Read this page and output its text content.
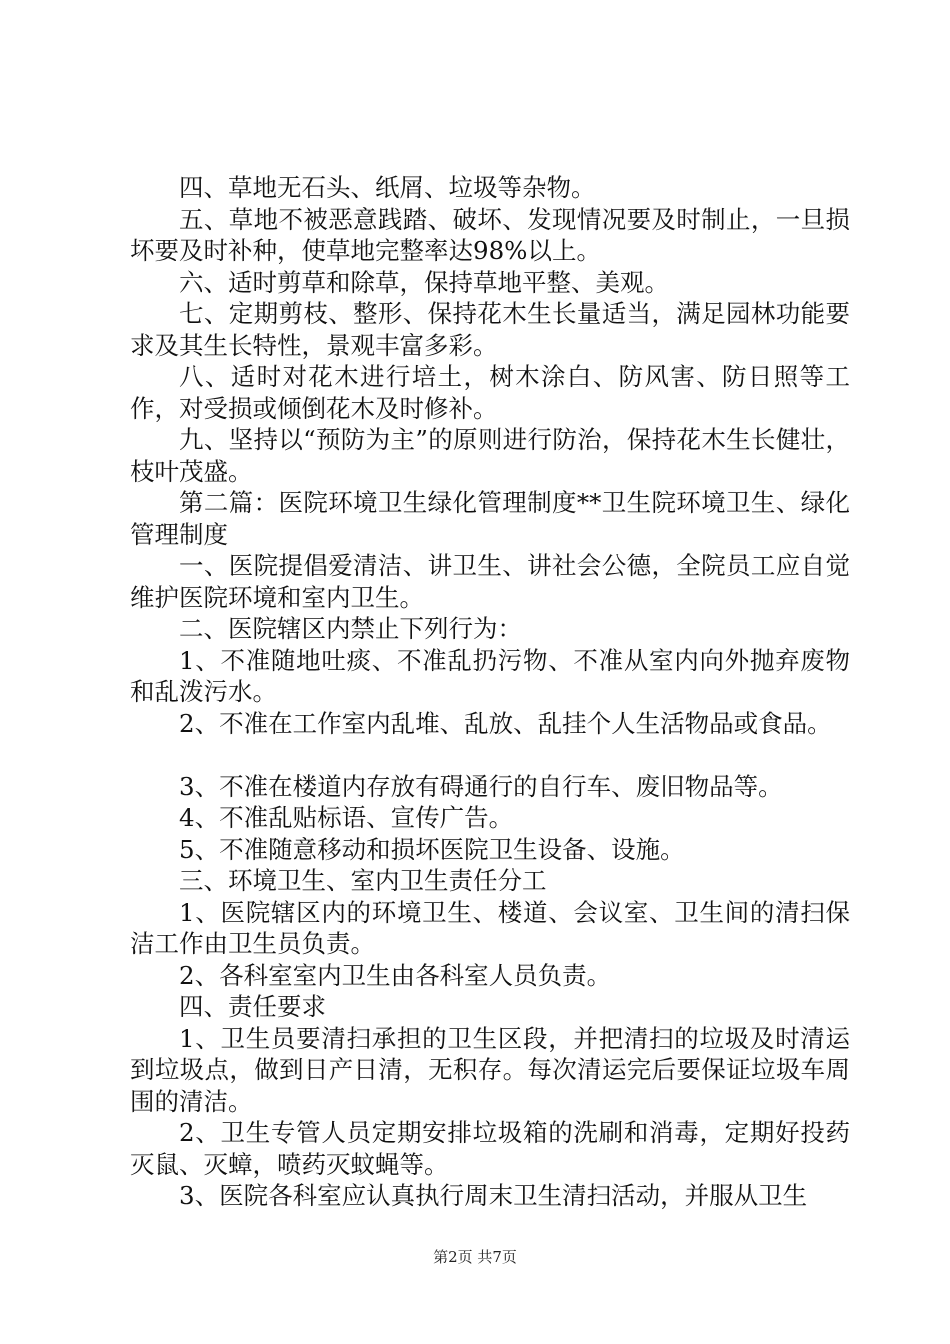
四、草地无石头、纸屑、垃圾等杂物。

五、草地不被恶意践踏、破坏、发现情况要及时制止，一旦损坏要及时补种，使草地完整率达98%以上。

六、适时剪草和除草，保持草地平整、美观。

七、定期剪枝、整形、保持花木生长量适当，满足园林功能要求及其生长特性，景观丰富多彩。

八、适时对花木进行培土，树木涂白、防风害、防日照等工作，对受损或倾倒花木及时修补。

九、坚持以“预防为主”的原则进行防治，保持花木生长健壮，枝叶茂盛。

第二篇：医院环境卫生绿化管理制度**卫生院环境卫生、绿化管理制度

一、医院提倡爱清洁、讲卫生、讲社会公德，全院员工应自觉维护医院环境和室内卫生。

二、医院辖区内禁止下列行为：

1、不准随地吐痰、不准乱扔污物、不准从室内向外抛弃废物和乱泼污水。

2、不准在工作室内乱堆、乱放、乱挂个人生活物品或食品。

3、不准在楼道内存放有碍通行的自行车、废旧物品等。

4、不准乱贴标语、宣传广告。

5、不准随意移动和损坏医院卫生设备、设施。

三、环境卫生、室内卫生责任分工

1、医院辖区内的环境卫生、楼道、会议室、卫生间的清扫保洁工作由卫生员负责。

2、各科室室内卫生由各科室人员负责。

四、责任要求

1、卫生员要清扫承担的卫生区段，并把清扫的垃圾及时清运到垃圾点，做到日产日清，无积存。每次清运完后要保证垃圾车周围的清洁。

2、卫生专管人员定期安排垃圾箱的洗刷和消毒，定期好投药灭鼠、灭蟑，喷药灭蚊蝇等。

3、医院各科室应认真执行周末卫生清扫活动，并服从卫生

第2页 共7页
